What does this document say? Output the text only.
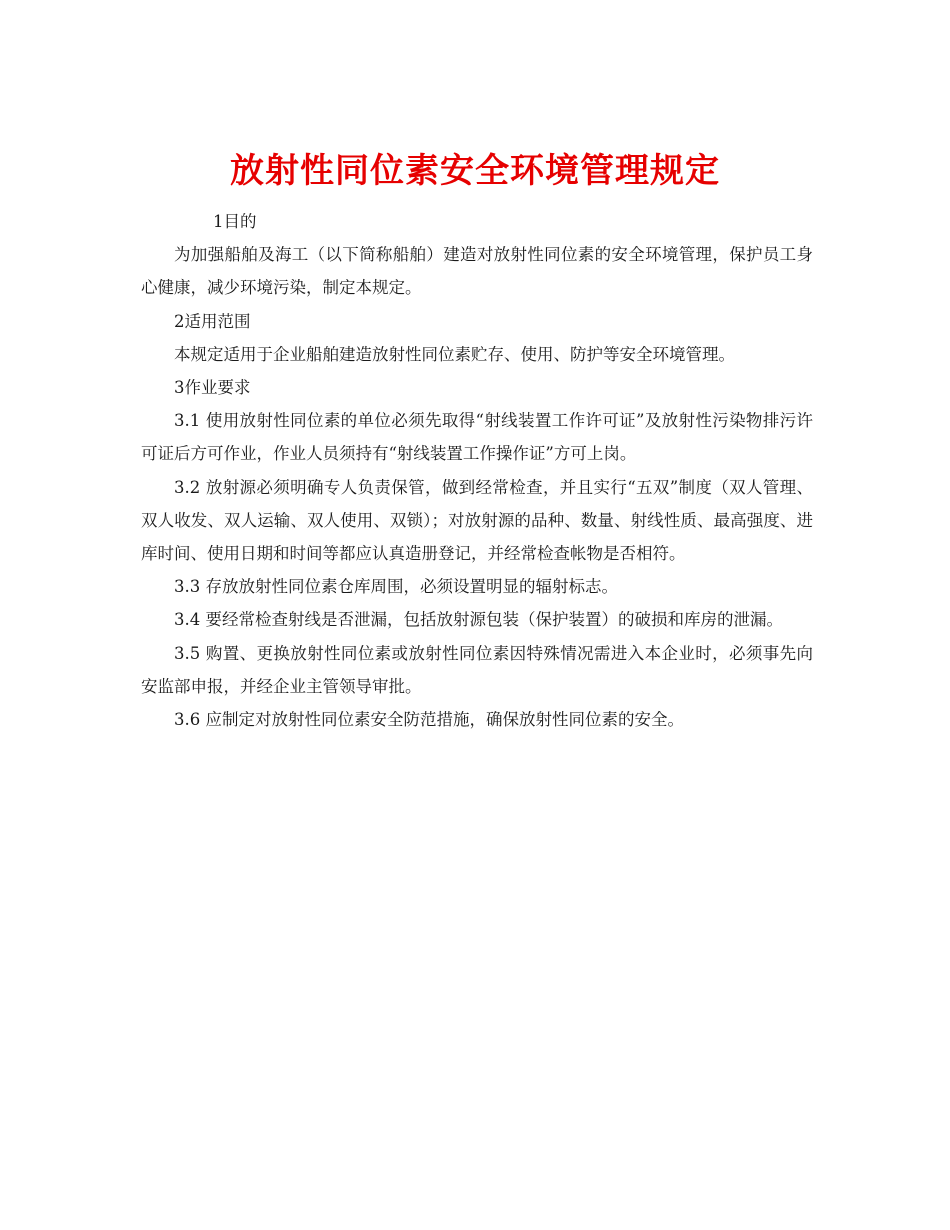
放射性同位素安全环境管理规定

1目的

为加强船舶及海工（以下简称船舶）建造对放射性同位素的安全环境管理，保护员工身心健康，减少环境污染，制定本规定。

2适用范围

本规定适用于企业船舶建造放射性同位素贮存、使用、防护等安全环境管理。

3作业要求

3.1 使用放射性同位素的单位必须先取得“射线装置工作许可证”及放射性污染物排污许可证后方可作业，作业人员须持有“射线装置工作操作证”方可上岗。

3.2 放射源必须明确专人负责保管，做到经常检查，并且实行“五双”制度（双人管理、双人收发、双人运输、双人使用、双锁）；对放射源的品种、数量、射线性质、最高强度、进库时间、使用日期和时间等都应认真造册登记，并经常检查帐物是否相符。

3.3 存放放射性同位素仓库周围，必须设置明显的辐射标志。

3.4 要经常检查射线是否泄漏，包括放射源包装（保护装置）的破损和库房的泄漏。

3.5 购置、更换放射性同位素或放射性同位素因特殊情况需进入本企业时，必须事先向安监部申报，并经企业主管领导审批。

3.6 应制定对放射性同位素安全防范措施，确保放射性同位素的安全。
